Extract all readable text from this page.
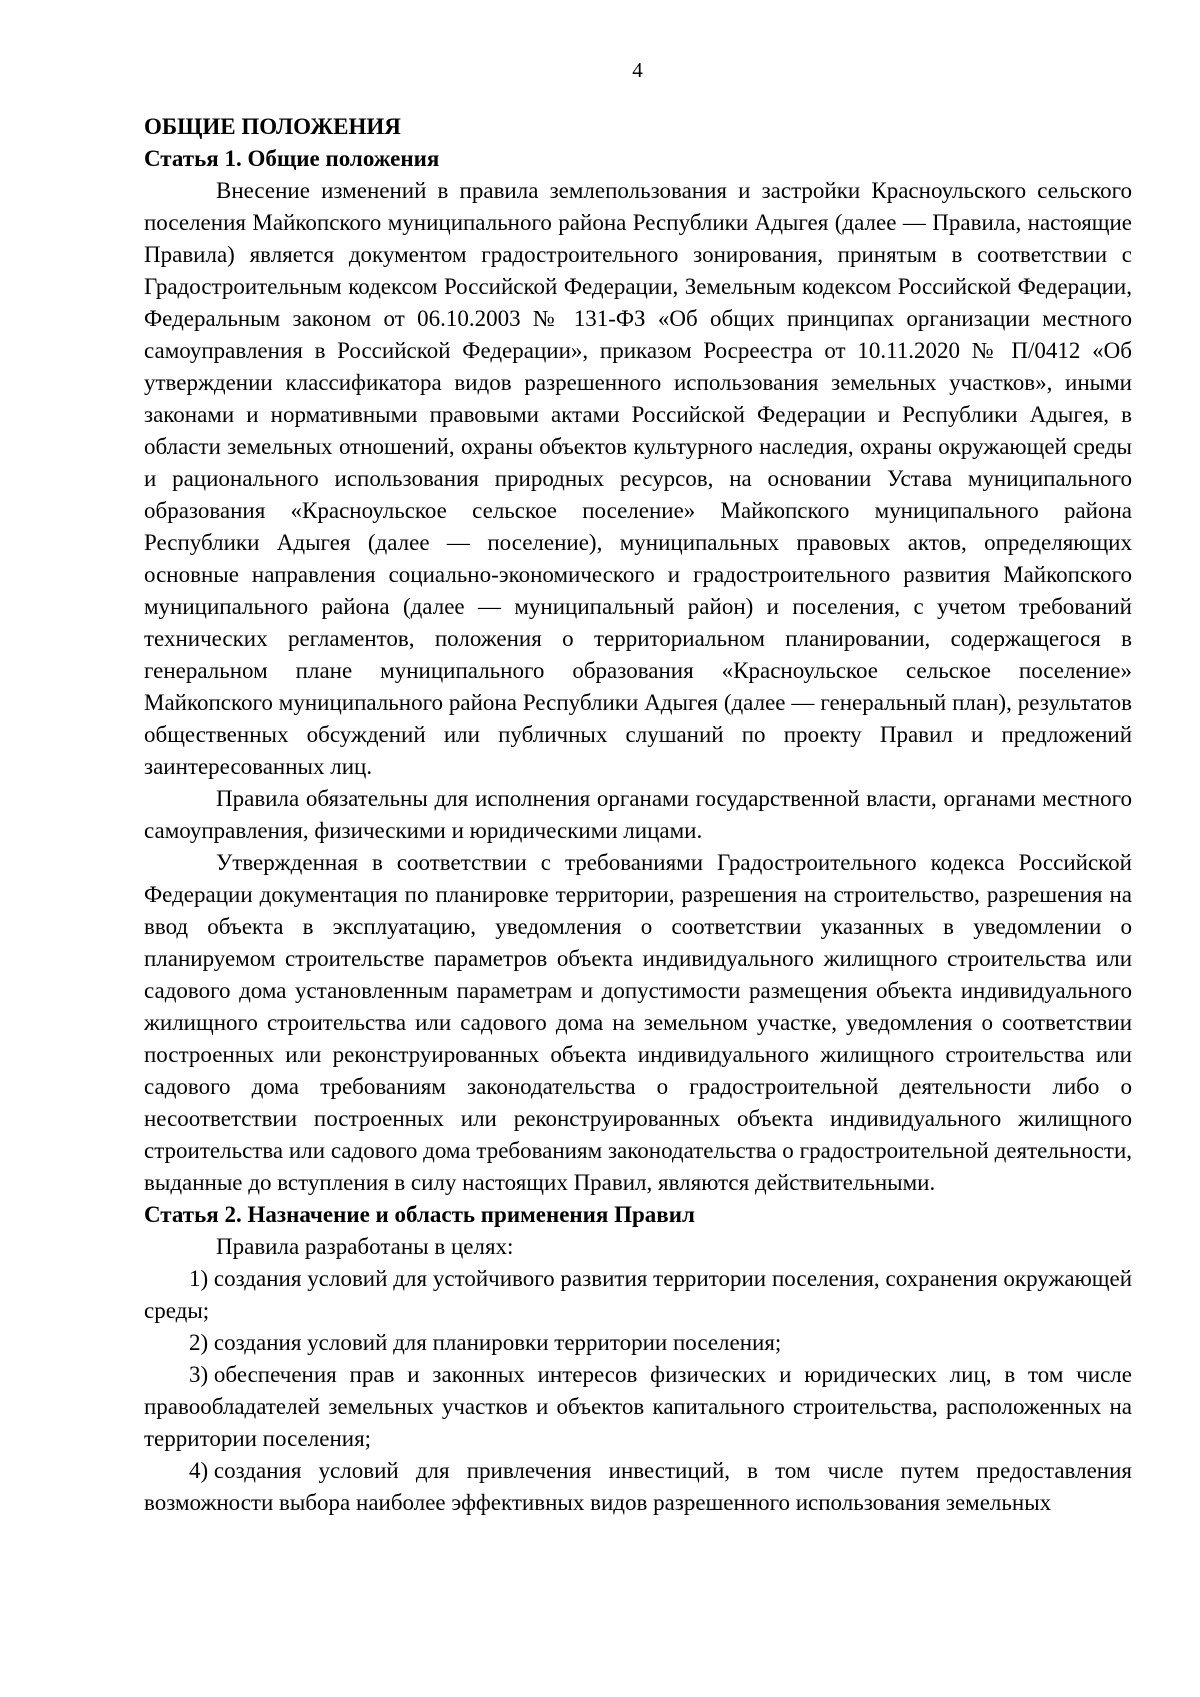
4

ОБЩИЕ ПОЛОЖЕНИЯ

Статья 1. Общие положения

Внесение изменений в правила землепользования и застройки Красноульского сельского поселения Майкопского муниципального района Республики Адыгея (далее — Правила, настоящие Правила) является документом градостроительного зонирования, принятым в соответствии с Градостроительным кодексом Российской Федерации, Земельным кодексом Российской Федерации, Федеральным законом от 06.10.2003 № 131-ФЗ «Об общих принципах организации местного самоуправления в Российской Федерации», приказом Росреестра от 10.11.2020 № П/0412 «Об утверждении классификатора видов разрешенного использования земельных участков», иными законами и нормативными правовыми актами Российской Федерации и Республики Адыгея, в области земельных отношений, охраны объектов культурного наследия, охраны окружающей среды и рационального использования природных ресурсов, на основании Устава муниципального образования «Красноульское сельское поселение» Майкопского муниципального района Республики Адыгея (далее — поселение), муниципальных правовых актов, определяющих основные направления социально-экономического и градостроительного развития Майкопского муниципального района (далее — муниципальный район) и поселения, с учетом требований технических регламентов, положения о территориальном планировании, содержащегося в генеральном плане муниципального образования «Красноульское сельское поселение» Майкопского муниципального района Республики Адыгея (далее — генеральный план), результатов общественных обсуждений или публичных слушаний по проекту Правил и предложений заинтересованных лиц.

Правила обязательны для исполнения органами государственной власти, органами местного самоуправления, физическими и юридическими лицами.

Утвержденная в соответствии с требованиями Градостроительного кодекса Российской Федерации документация по планировке территории, разрешения на строительство, разрешения на ввод объекта в эксплуатацию, уведомления о соответствии указанных в уведомлении о планируемом строительстве параметров объекта индивидуального жилищного строительства или садового дома установленным параметрам и допустимости размещения объекта индивидуального жилищного строительства или садового дома на земельном участке, уведомления о соответствии построенных или реконструированных объекта индивидуального жилищного строительства или садового дома требованиям законодательства о градостроительной деятельности либо о несоответствии построенных или реконструированных объекта индивидуального жилищного строительства или садового дома требованиям законодательства о градостроительной деятельности, выданные до вступления в силу настоящих Правил, являются действительными.

Статья 2. Назначение и область применения Правил

Правила разработаны в целях:

1) создания условий для устойчивого развития территории поселения, сохранения окружающей среды;

2) создания условий для планировки территории поселения;

3) обеспечения прав и законных интересов физических и юридических лиц, в том числе правообладателей земельных участков и объектов капитального строительства, расположенных на территории поселения;

4) создания условий для привлечения инвестиций, в том числе путем предоставления возможности выбора наиболее эффективных видов разрешенного использования земельных
